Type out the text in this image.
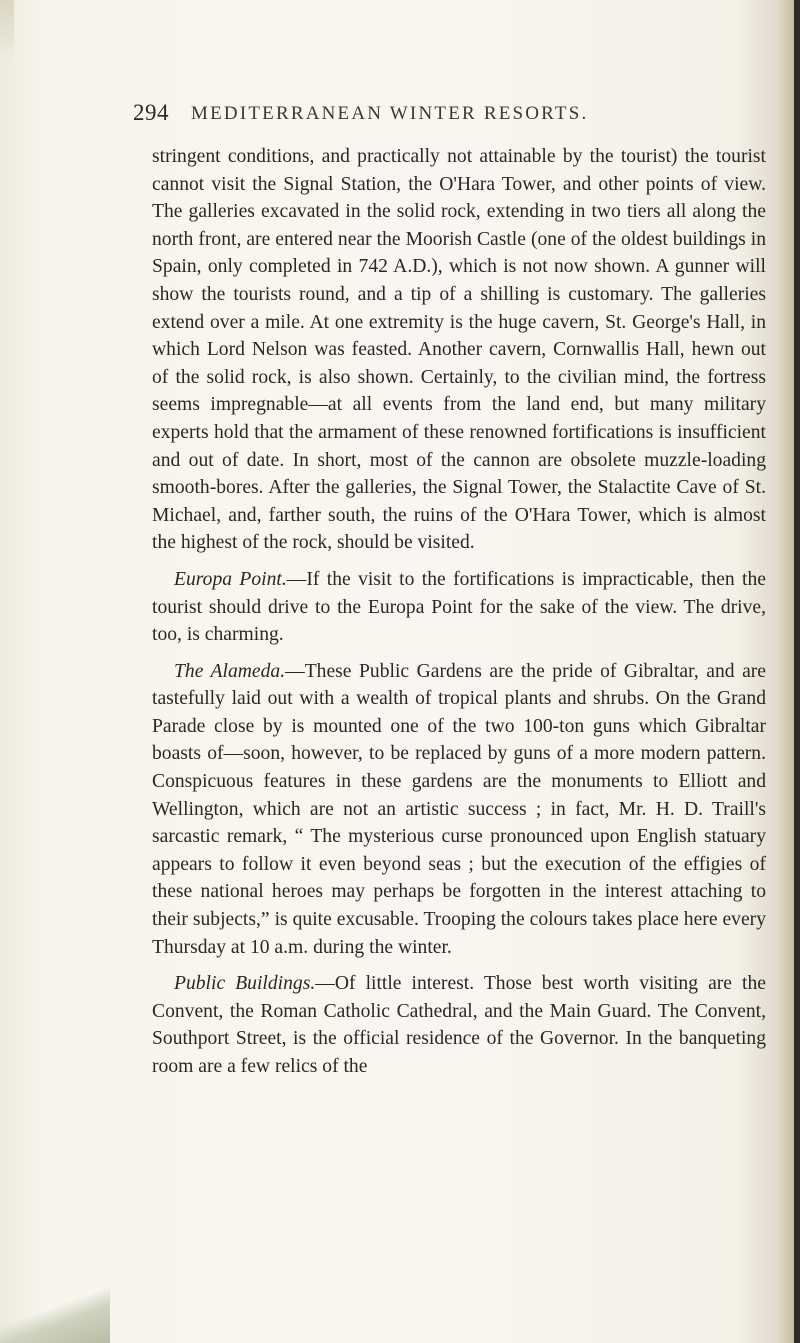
294 MEDITERRANEAN WINTER RESORTS.

stringent conditions, and practically not attainable by the tourist) the tourist cannot visit the Signal Station, the O'Hara Tower, and other points of view. The galleries excavated in the solid rock, extending in two tiers all along the north front, are entered near the Moorish Castle (one of the oldest buildings in Spain, only completed in 742 A.D.), which is not now shown. A gunner will show the tourists round, and a tip of a shilling is customary. The galleries extend over a mile. At one extremity is the huge cavern, St. George's Hall, in which Lord Nelson was feasted. Another cavern, Cornwallis Hall, hewn out of the solid rock, is also shown. Certainly, to the civilian mind, the fortress seems impregnable—at all events from the land end, but many military experts hold that the armament of these renowned fortifications is insufficient and out of date. In short, most of the cannon are obsolete muzzle-loading smooth-bores. After the galleries, the Signal Tower, the Stalactite Cave of St. Michael, and, farther south, the ruins of the O'Hara Tower, which is almost the highest of the rock, should be visited.

Europa Point.—If the visit to the fortifications is impracticable, then the tourist should drive to the Europa Point for the sake of the view. The drive, too, is charming.

The Alameda.—These Public Gardens are the pride of Gibraltar, and are tastefully laid out with a wealth of tropical plants and shrubs. On the Grand Parade close by is mounted one of the two 100-ton guns which Gibraltar boasts of—soon, however, to be replaced by guns of a more modern pattern. Conspicuous features in these gardens are the monuments to Elliott and Wellington, which are not an artistic success ; in fact, Mr. H. D. Traill's sarcastic remark, “ The mysterious curse pronounced upon English statuary appears to follow it even beyond seas ; but the execution of the effigies of these national heroes may perhaps be forgotten in the interest attaching to their subjects,” is quite excusable. Trooping the colours takes place here every Thursday at 10 a.m. during the winter.

Public Buildings.—Of little interest. Those best worth visiting are the Convent, the Roman Catholic Cathedral, and the Main Guard. The Convent, Southport Street, is the official residence of the Governor. In the banqueting room are a few relics of the
